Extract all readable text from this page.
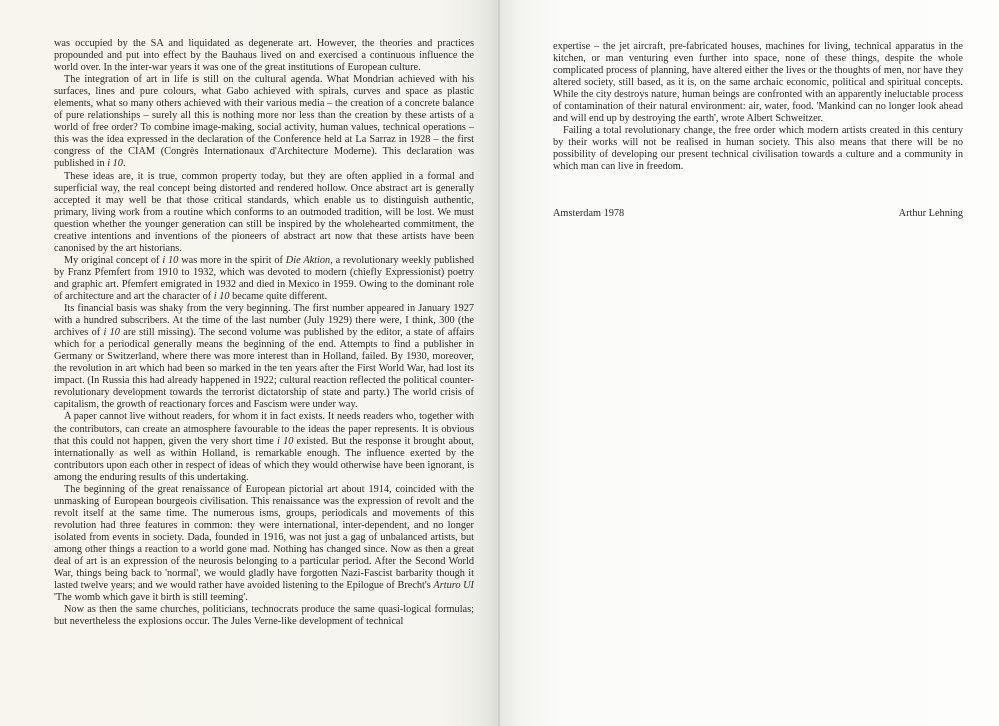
was occupied by the SA and liquidated as degenerate art. However, the theories and practices propounded and put into effect by the Bauhaus lived on and exercised a continuous influence the world over. In the inter-war years it was one of the great institutions of European culture.

The integration of art in life is still on the cultural agenda. What Mondrian achieved with his surfaces, lines and pure colours, what Gabo achieved with spirals, curves and space as plastic elements, what so many others achieved with their various media – the creation of a concrete balance of pure relationships – surely all this is nothing more nor less than the creation by these artists of a world of free order? To combine image-making, social activity, human values, technical operations – this was the idea expressed in the declaration of the Conference held at La Sarraz in 1928 – the first congress of the CIAM (Congrès Internationaux d'Architecture Moderne). This declaration was published in i 10.

These ideas are, it is true, common property today, but they are often applied in a formal and superficial way, the real concept being distorted and rendered hollow. Once abstract art is generally accepted it may well be that those critical standards, which enable us to distinguish authentic, primary, living work from a routine which conforms to an outmoded tradition, will be lost. We must question whether the younger generation can still be inspired by the wholehearted commitment, the creative intentions and inventions of the pioneers of abstract art now that these artists have been canonised by the art historians.

My original concept of i 10 was more in the spirit of Die Aktion, a revolutionary weekly published by Franz Pfemfert from 1910 to 1932, which was devoted to modern (chiefly Expressionist) poetry and graphic art. Pfemfert emigrated in 1932 and died in Mexico in 1959. Owing to the dominant role of architecture and art the character of i 10 became quite different.

Its financial basis was shaky from the very beginning. The first number appeared in January 1927 with a hundred subscribers. At the time of the last number (July 1929) there were, I think, 300 (the archives of i 10 are still missing). The second volume was published by the editor, a state of affairs which for a periodical generally means the beginning of the end. Attempts to find a publisher in Germany or Switzerland, where there was more interest than in Holland, failed. By 1930, moreover, the revolution in art which had been so marked in the ten years after the First World War, had lost its impact. (In Russia this had already happened in 1922; cultural reaction reflected the political counter-revolutionary development towards the terrorist dictatorship of state and party.) The world crisis of capitalism, the growth of reactionary forces and Fascism were under way.

A paper cannot live without readers, for whom it in fact exists. It needs readers who, together with the contributors, can create an atmosphere favourable to the ideas the paper represents. It is obvious that this could not happen, given the very short time i 10 existed. But the response it brought about, internationally as well as within Holland, is remarkable enough. The influence exerted by the contributors upon each other in respect of ideas of which they would otherwise have been ignorant, is among the enduring results of this undertaking.

The beginning of the great renaissance of European pictorial art about 1914, coincided with the unmasking of European bourgeois civilisation. This renaissance was the expression of revolt and the revolt itself at the same time. The numerous isms, groups, periodicals and movements of this revolution had three features in common: they were international, inter-dependent, and no longer isolated from events in society. Dada, founded in 1916, was not just a gag of unbalanced artists, but among other things a reaction to a world gone mad. Nothing has changed since. Now as then a great deal of art is an expression of the neurosis belonging to a particular period. After the Second World War, things being back to 'normal', we would gladly have forgotten Nazi-Fascist barbarity though it lasted twelve years; and we would rather have avoided listening to the Epilogue of Brecht's Arturo UI 'The womb which gave it birth is still teeming'.

Now as then the same churches, politicians, technocrats produce the same quasi-logical formulas; but nevertheless the explosions occur. The Jules Verne-like development of technical

expertise – the jet aircraft, pre-fabricated houses, machines for living, technical apparatus in the kitchen, or man venturing even further into space, none of these things, despite the whole complicated process of planning, have altered either the lives or the thoughts of men, nor have they altered society, still based, as it is, on the same archaic economic, political and spiritual concepts. While the city destroys nature, human beings are confronted with an apparently ineluctable process of contamination of their natural environment: air, water, food. 'Mankind can no longer look ahead and will end up by destroying the earth', wrote Albert Schweitzer.

Failing a total revolutionary change, the free order which modern artists created in this century by their works will not be realised in human society. This also means that there will be no possibility of developing our present technical civilisation towards a culture and a community in which man can live in freedom.

Amsterdam 1978	Arthur Lehning
